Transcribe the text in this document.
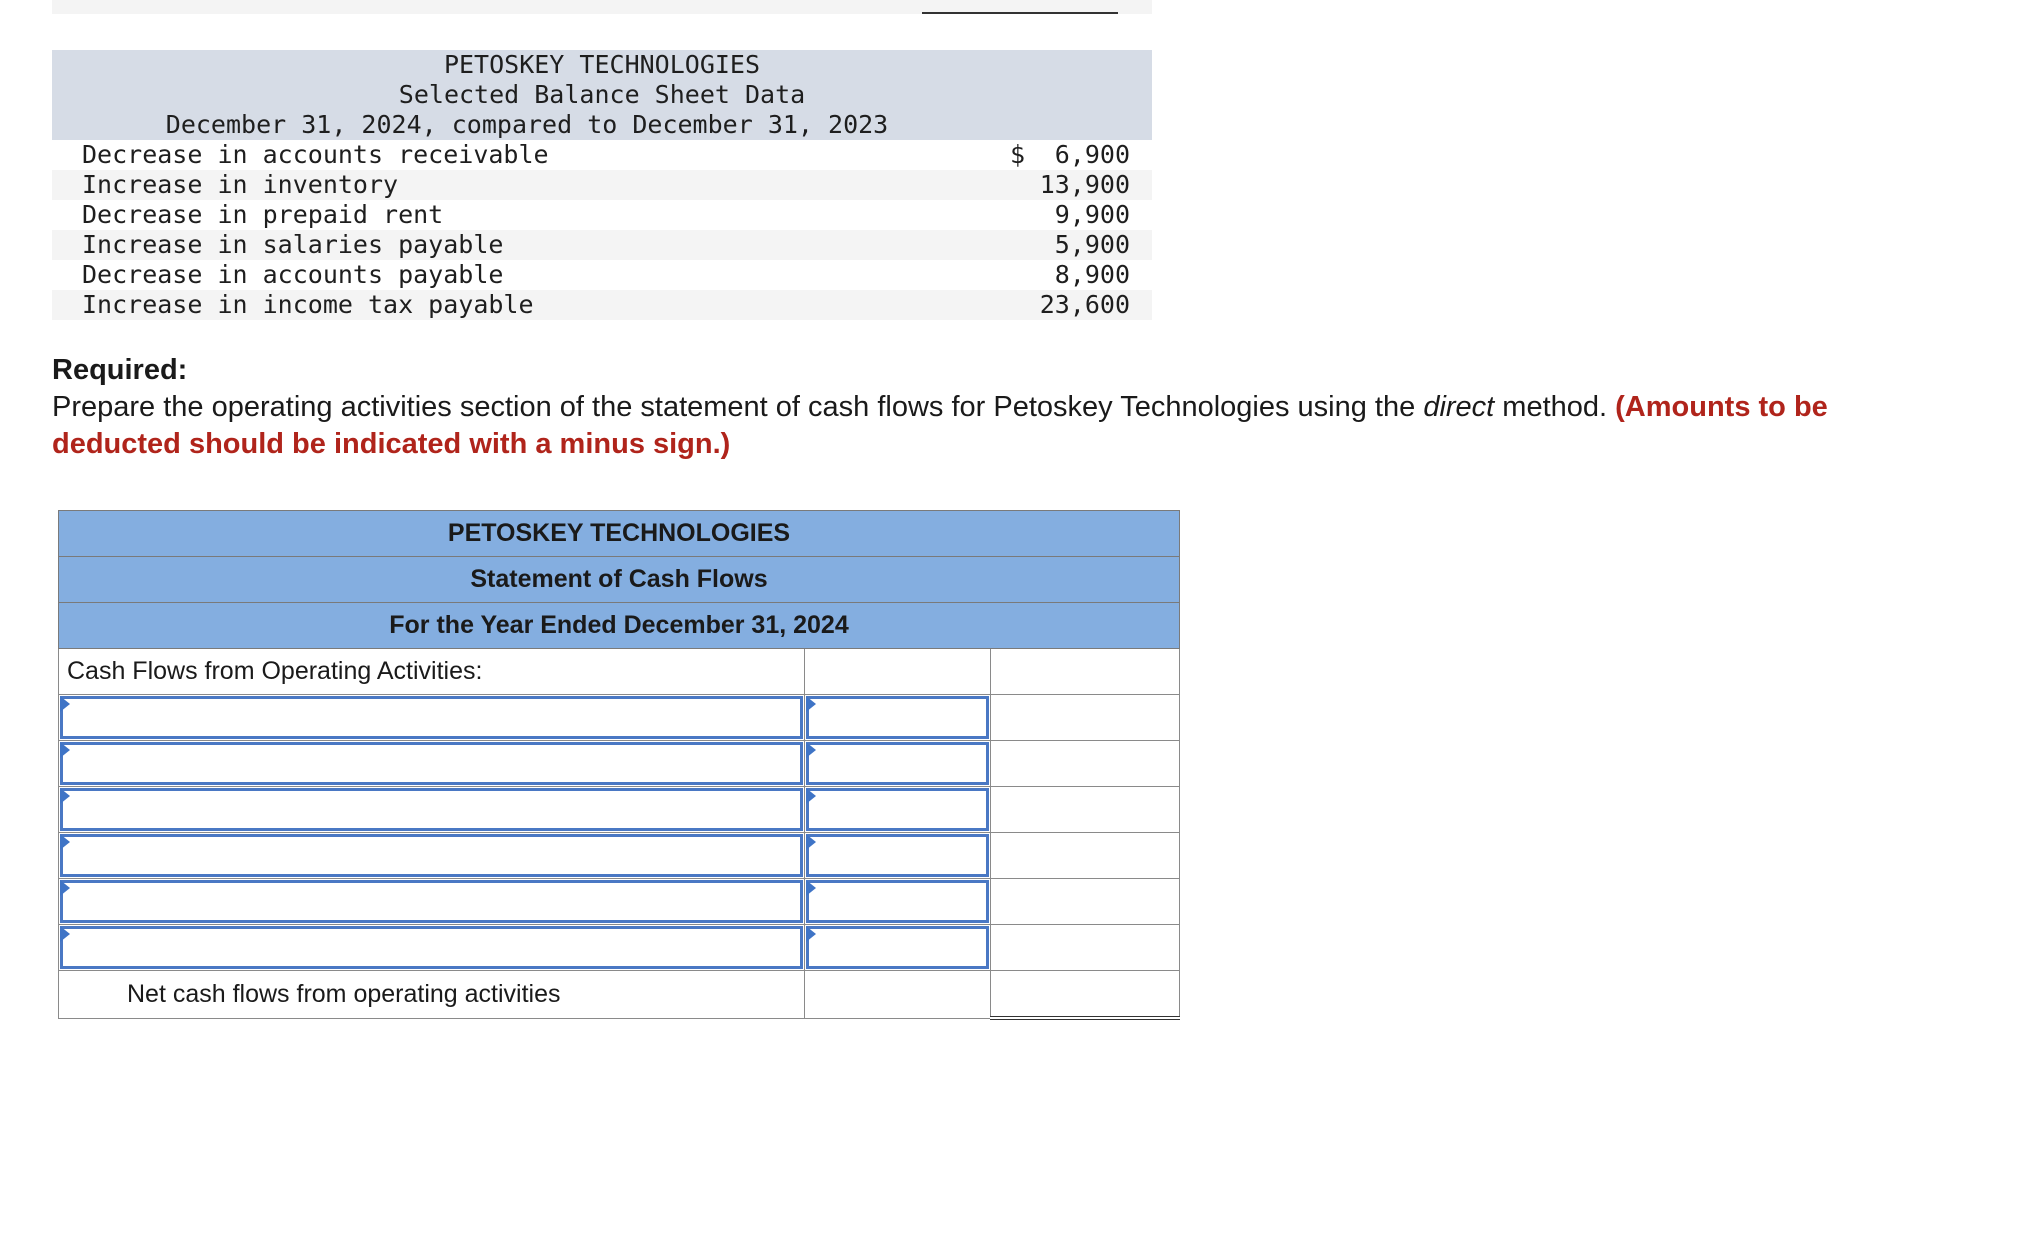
PETOSKEY TECHNOLOGIES
Selected Balance Sheet Data
December 31, 2024, compared to December 31, 2023
Decrease in accounts receivable	$ 6,900
Increase in inventory	13,900
Decrease in prepaid rent	9,900
Increase in salaries payable	5,900
Decrease in accounts payable	8,900
Increase in income tax payable	23,600
Required:
Prepare the operating activities section of the statement of cash flows for Petoskey Technologies using the direct method. (Amounts to be deducted should be indicated with a minus sign.)
PETOSKEY TECHNOLOGIES		
Statement of Cash Flows		
For the Year Ended December 31, 2024		
Cash Flows from Operating Activities:		

Net cash flows from operating activities		
